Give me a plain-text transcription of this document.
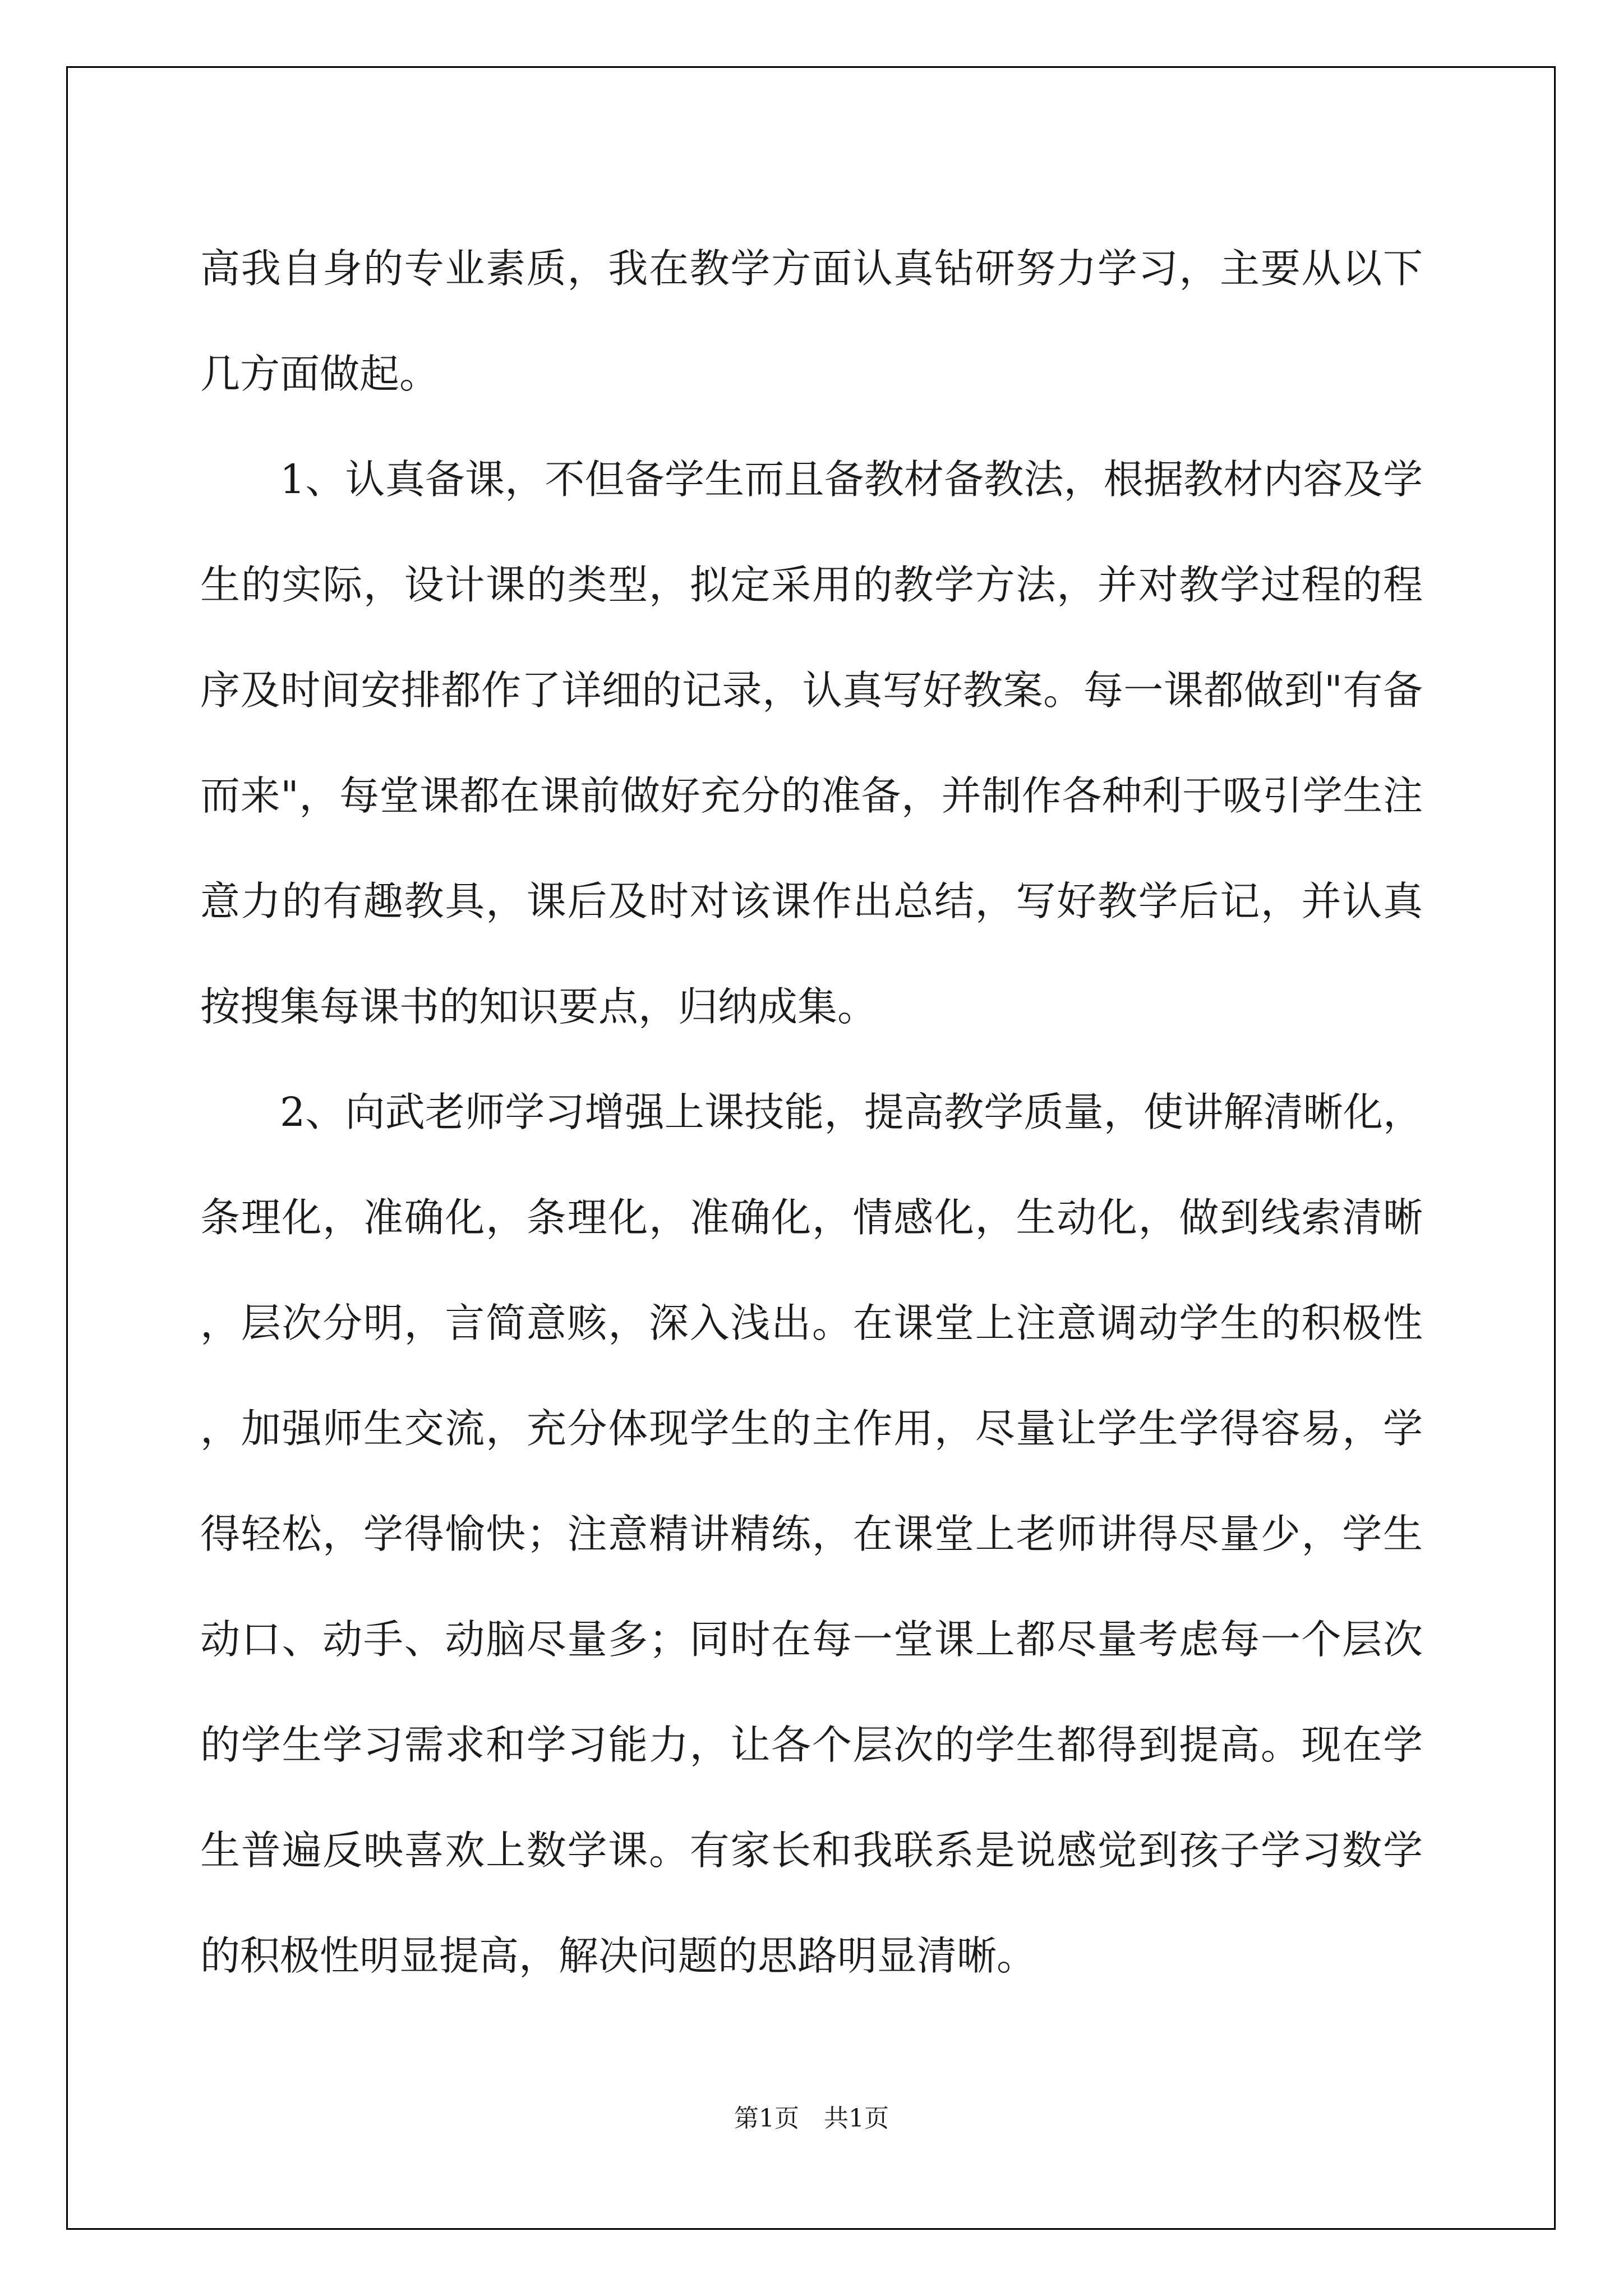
高我自身的专业素质，我在教学方面认真钻研努力学习，主要从以下几方面做起。

1、认真备课，不但备学生而且备教材备教法，根据教材内容及学生的实际，设计课的类型，拟定采用的教学方法，并对教学过程的程序及时间安排都作了详细的记录，认真写好教案。每一课都做到"有备而来"，每堂课都在课前做好充分的准备，并制作各种利于吸引学生注意力的有趣教具，课后及时对该课作出总结，写好教学后记，并认真按搜集每课书的知识要点，归纳成集。

2、向武老师学习增强上课技能，提高教学质量，使讲解清晰化，条理化，准确化，条理化，准确化，情感化，生动化，做到线索清晰，层次分明，言简意赅，深入浅出。在课堂上注意调动学生的积极性，加强师生交流，充分体现学生的主作用，尽量让学生学得容易，学得轻松，学得愉快；注意精讲精练，在课堂上老师讲得尽量少，学生动口、动手、动脑尽量多；同时在每一堂课上都尽量考虑每一个层次的学生学习需求和学习能力，让各个层次的学生都得到提高。现在学生普遍反映喜欢上数学课。有家长和我联系是说感觉到孩子学习数学的积极性明显提高，解决问题的思路明显清晰。

第1页　共1页
